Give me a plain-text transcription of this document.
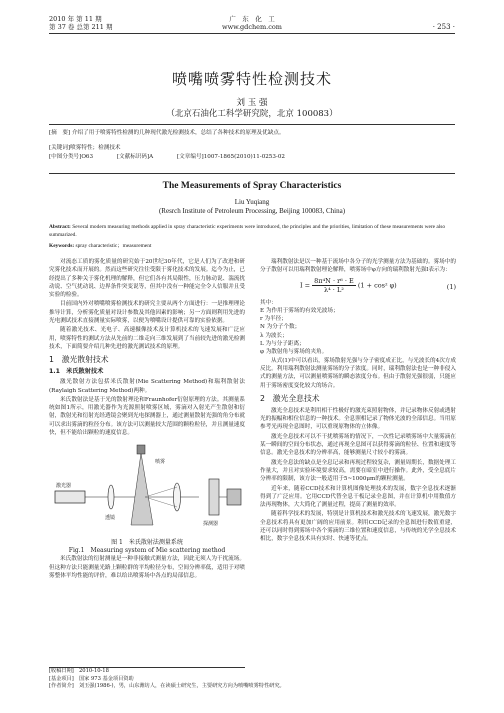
2010 年 第 11 期
第 37 卷 总第 211 期
广　东　化　工
www.gdchem.com	· 253 ·
喷嘴喷雾特性检测技术
刘 玉 强
（北京石油化工科学研究院，北京 100083）
[摘　要] 介绍了用于喷雾特性检测的几种现代激光检测技术，总结了各种技术的原理及优缺点。
[关键词]喷雾特性；检测技术
[中图分类号]O63	[文献标识码]A	[文章编号]1007-1865(2010)11-0253-02
The Measurements of Spray Characteristics
Liu Yuqiang
(Resrch Institute of Petroleum Processing, Beijing 100083, China)
Abstract: Several modern measuring methods applied in spray characteristic experiments were introduced, the principles and the priorities, limitation of these measurements were also summarized.
Keywords: spray characteristic；measurement

对流态工质的雾化质量的研究始于20世纪30年代，它是人们为了改进和研究雾化技术而开展的。然而这些研究往往受限于雾化技术的发展。迄今为止，已经提出了多种关于雾化机理的解释，但它们各有其局限性，压力脉动说、湍流扰动说、空气扰动说、边界条件突变说等，但其中没有一种能完全令人信服并且受实验的检验。

目前国内外对喷嘴喷雾检测技术的研究主要从两个方面进行：一是推理理论推导计算，分析雾化质量对设计参数及其他因素的影响；另一方面则利用先进的光电测试技术直接测量实际喷雾，以便为喷嘴设计提供可靠的实验依据。

随着激光技术、光电子、高速摄像技术及计算机技术的飞速发展和广泛应用，喷雾特性的测试方法从先前的二维走向三维发展到了当前较先进的激光检测技术，下面简要介绍几种先进的激光测试技术的原理。

1　激光散射技术
1.1　米氏散射技术

激光散射方法包括米氏散射(Mie Scattering Method)和瑞利散射法(Raylaigh Scattering Method)两种。

米氏散射法是基于光的散射理论和Fraunhofer衍射原理的方法。其测量系统如图1所示，用激光器作为光源照射喷雾区域，雾滴对入射光产生散射和衍射，散射光和衍射光经透镜会聚到光电探测器上，通过测量散射光强的角分布就可以求出雾滴的粒径分布。该方法可以测量较大范围的颗粒粒径，并且测量速度快，但不能给出颗粒的速度信息。

激光器
透镜
喷雾
探测器
图 1　米氏散射法测量系统
Fig.1　Measuring system of Mie scattering method

米氏散射法的衍射测量是一种非接触式测量方法，因此无须人为干扰流场。但这种方法只能测量光路上颗粒群的平均粒径分布，空间分辨率低，适用于对喷雾整体平均性能的评价，难以给出喷雾场中各点的局部信息。

[收稿日期]　2010-10-18
[基金项目]　国家 973 基金项目资助
[作者简介]　刘玉强(1986-)，男，山东潍坊人，在读硕士研究生，主要研究方向为喷嘴喷雾特性研究。

瑞利散射法是以一种基于流场中各分子的光学测量方法为基础的。雾场中的分子散射可以用瑞利散射理论解释，喷雾场中φ方向的瑞利散射光强I表示为：

$I = \frac{\text{8π⁴N · r⁶ · E}}{\text{λ⁴ · L²}} (1 + \cos^2$ φ)	(1)
其中：
E 为作用于雾场的有效光波场；
r 为半径；
N 为分子个数；
λ 为波长；
L 为与分子距离；
φ 为散射角与雾场的夹角。

从式(1)中可以看出，雾场散射光强与分子密度成正比，与光波长的4次方成反比。利用瑞利散射法测量雾场的分子浓度。同时，瑞利散射法也是一种非侵入式的测量方法，可以测量喷雾场的瞬态浓度分布。但由于散射光强很弱，只能应用于雾场密度变化较大的场合。

2　激光全息技术

激光全息技术是利用相干性极好的激光束照射物体，并记录物体反射或透射光的振幅和相位信息的一种技术。全息照相记录了物体光波的全部信息。当用原参考光再现全息图时，可以重现原物体的立体像。

激光全息技术可以不干扰喷雾场的情况下，一次性记录喷雾场中大量雾滴在某一瞬间的空间分布状态，通过再现全息图可以获得雾滴的粒径、位置和速度等信息。激光全息技术的分辨率高，能够测量尺寸较小的雾滴。

激光全息法的缺点是全息记录和再现过程较复杂，测量周期长，数据处理工作量大，并且对实验环境要求较高，需要在暗室中进行操作。此外，受全息底片分辨率的限制，该方法一般适用于5~1000μm的颗粒测量。

近年来，随着CCD技术和计算机图像处理技术的发展，数字全息技术逐渐得到了广泛应用。它用CCD代替全息干板记录全息图，并在计算机中用数值方法再现物体，大大简化了测量过程，提高了测量的效率。

随着科学技术的发展，特别是计算机技术和激光技术的飞速发展，激光数字全息技术将具有更加广阔的应用前景。利用CCD记录的全息图进行数值重建，还可以同时得到雾场中各个雾滴的三维位置和速度信息，与传统的光学全息技术相比，数字全息技术具有实时、快速等优点。
